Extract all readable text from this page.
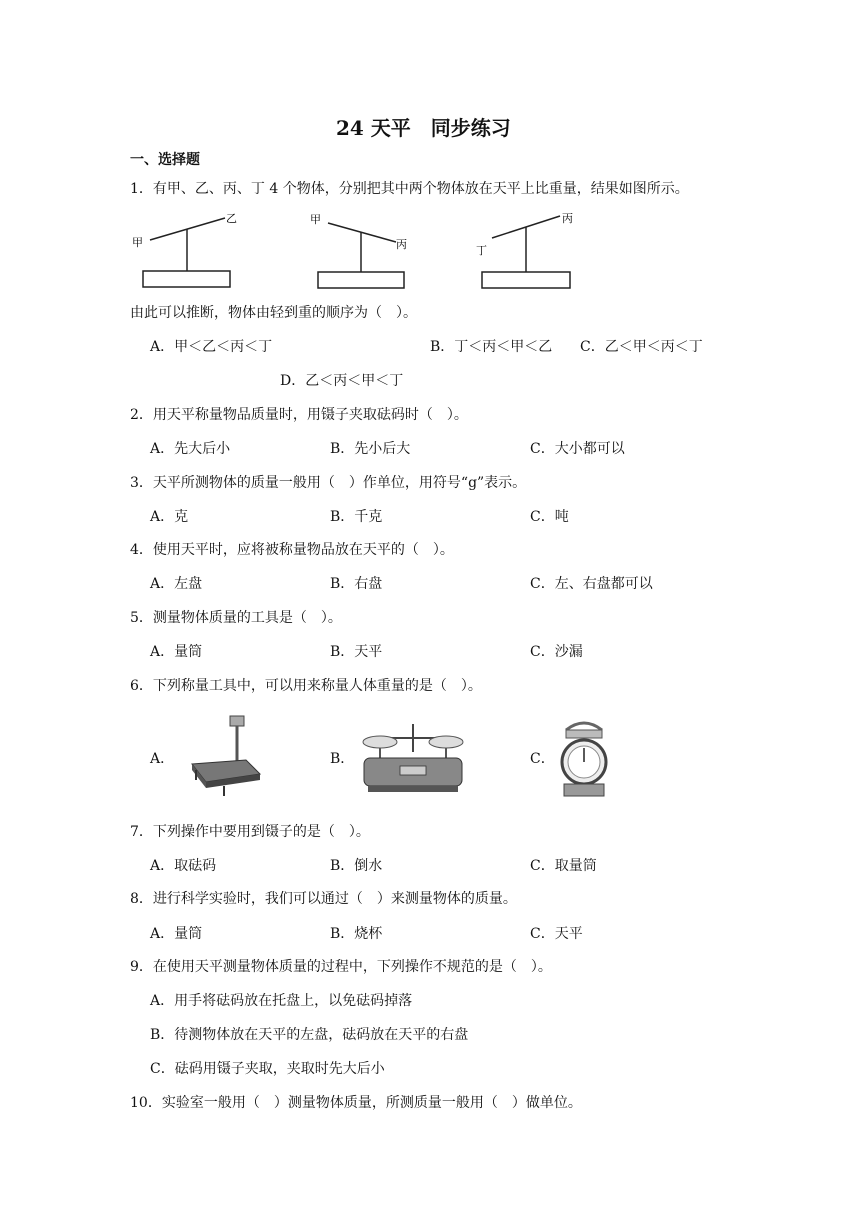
24 天平　同步练习
一、选择题
1．有甲、乙、丙、丁 4 个物体，分别把其中两个物体放在天平上比重量，结果如图所示。
甲
乙	甲
丙	丁
丙
由此可以推断，物体由轻到重的顺序为（　）。
A．甲＜乙＜丙＜丁	B．丁＜丙＜甲＜乙 C．乙＜甲＜丙＜丁
D．乙＜丙＜甲＜丁
2．用天平称量物品质量时，用镊子夹取砝码时（　）。
A．先大后小	B．先小后大	C．大小都可以
3．天平所测物体的质量一般用（　）作单位，用符号“g”表示。
A．克	B．千克	C．吨
4．使用天平时，应将被称量物品放在天平的（　）。
A．左盘	B．右盘	C．左、右盘都可以
5．测量物体质量的工具是（　）。
A．量筒	B．天平	C．沙漏
6．下列称量工具中，可以用来称量人体重量的是（　）。
A．	B．	C．
7．下列操作中要用到镊子的是（　）。
A．取砝码	B．倒水	C．取量筒
8．进行科学实验时，我们可以通过（　）来测量物体的质量。
A．量筒	B．烧杯	C．天平
9．在使用天平测量物体质量的过程中，下列操作不规范的是（　）。
A．用手将砝码放在托盘上，以免砝码掉落
B．待测物体放在天平的左盘，砝码放在天平的右盘
C．砝码用镊子夹取，夹取时先大后小
10．实验室一般用（　）测量物体质量，所测质量一般用（　）做单位。
